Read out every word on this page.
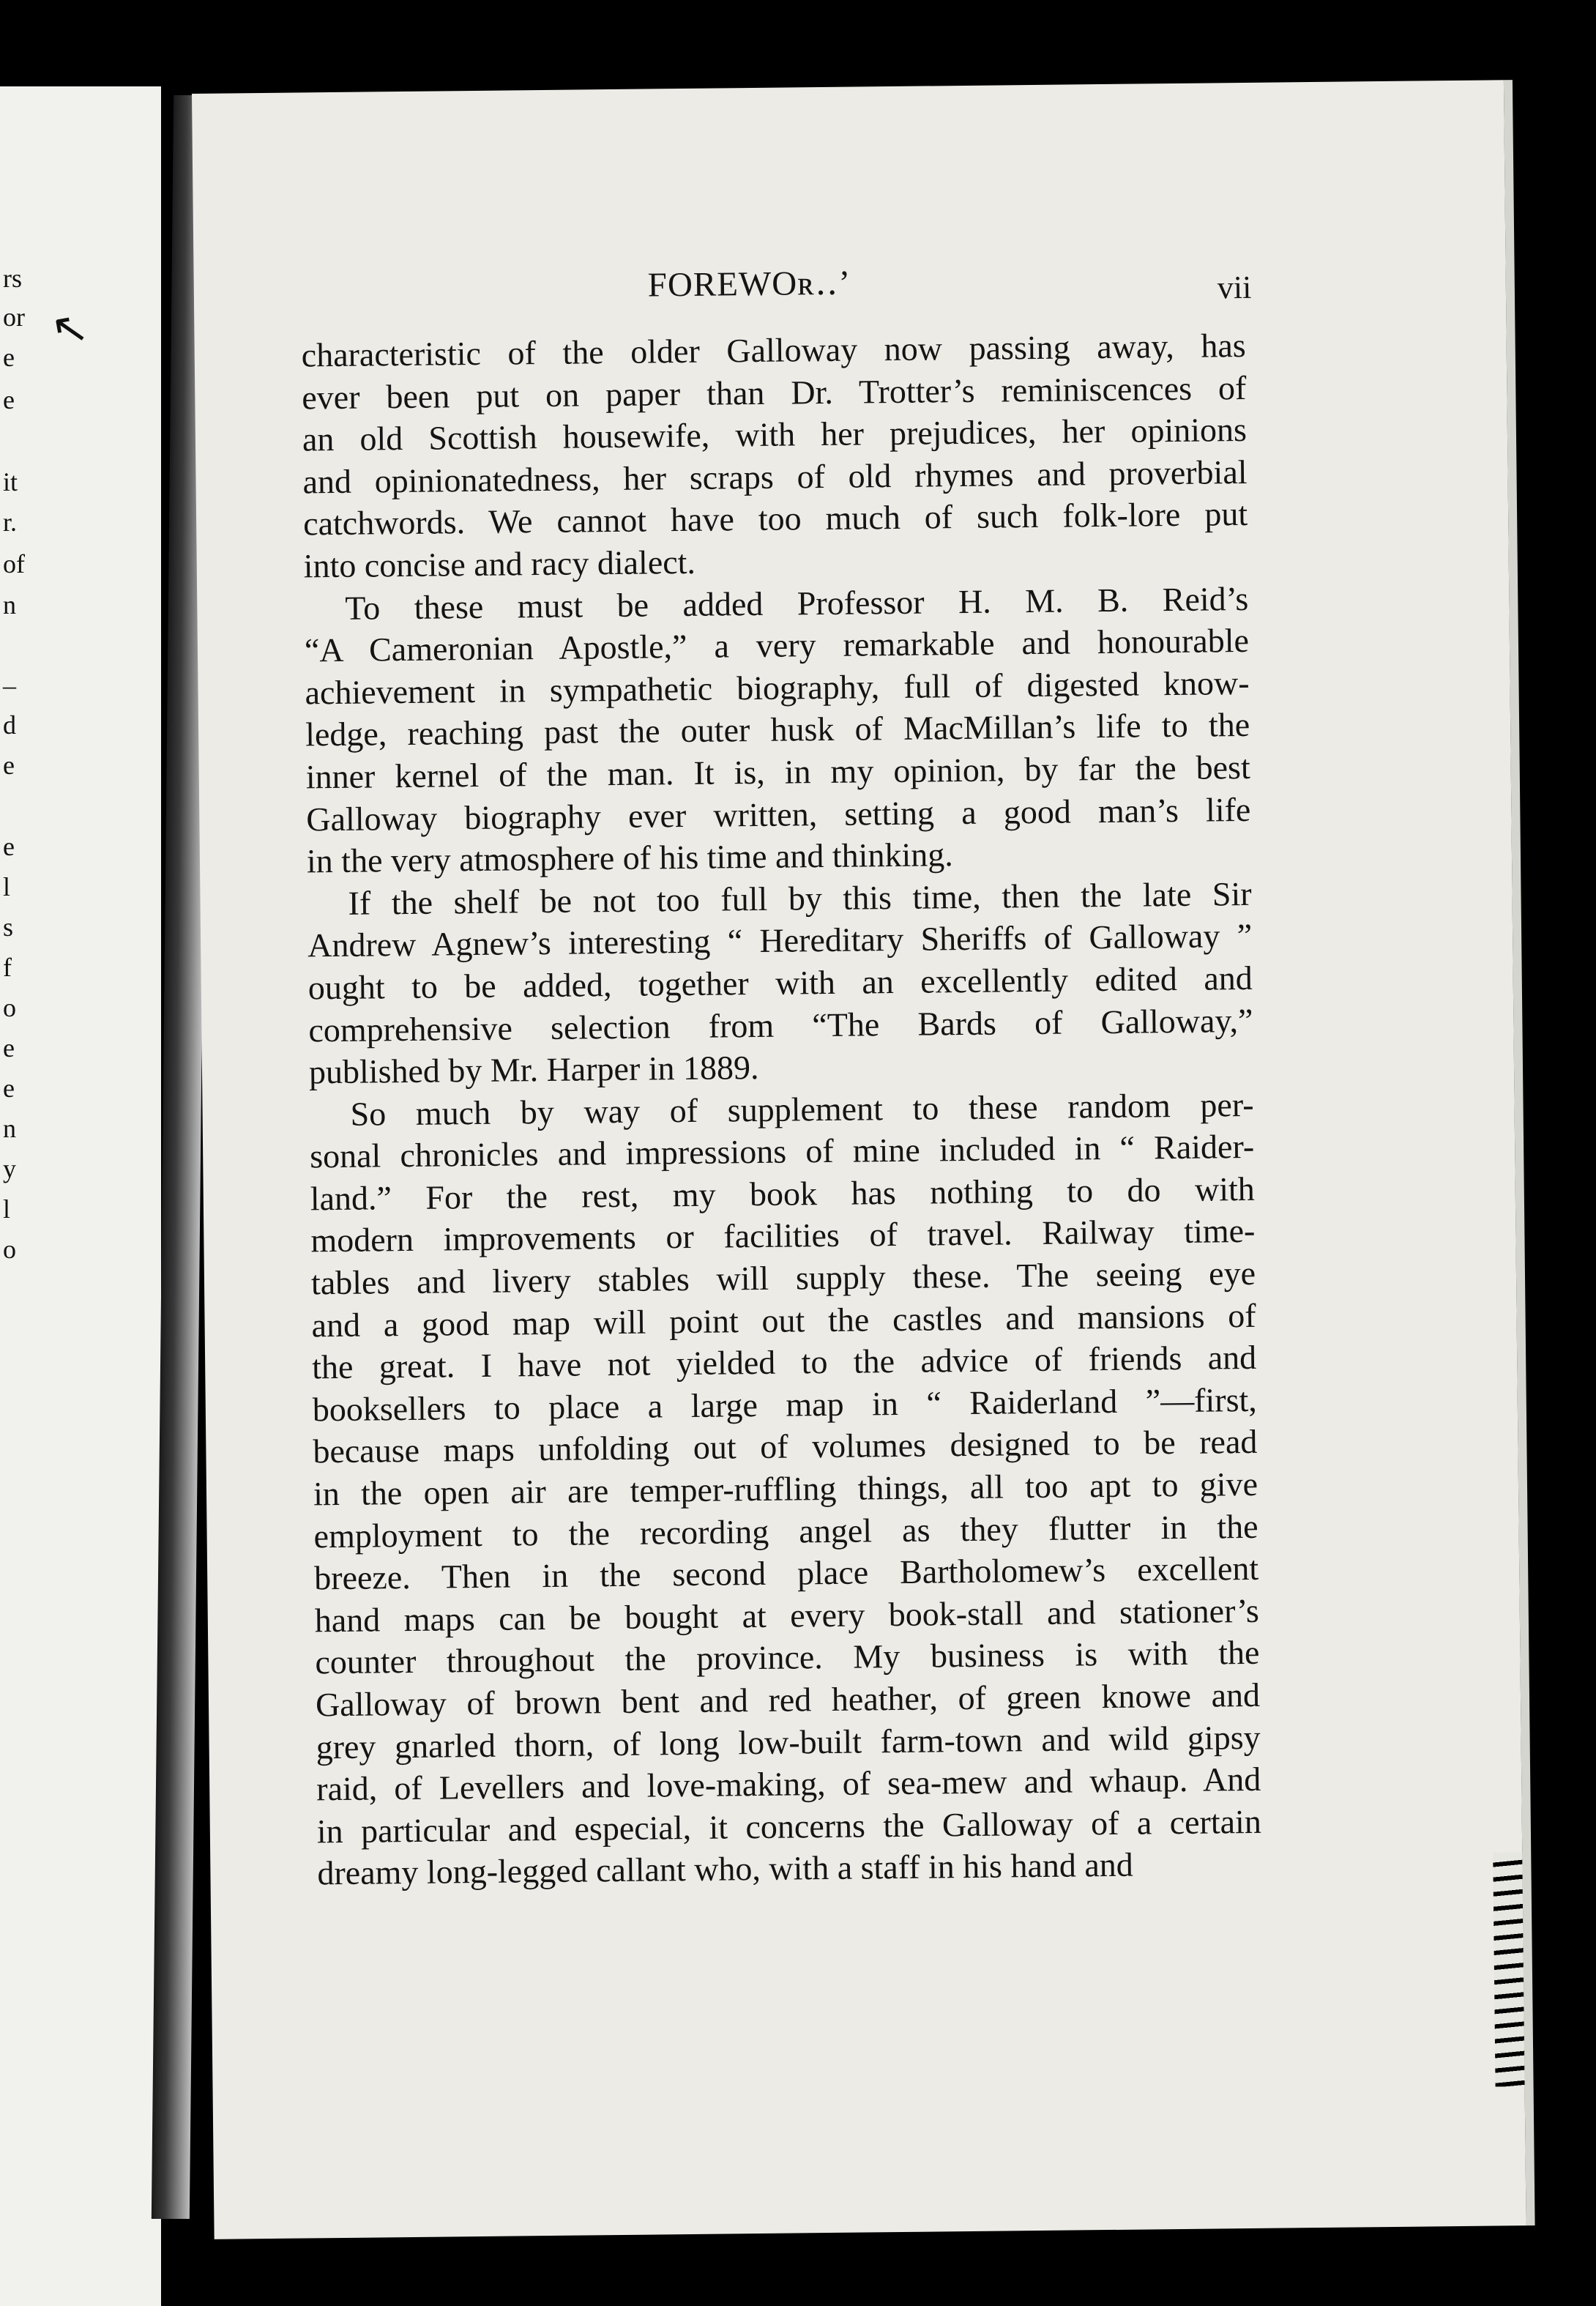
↖
rs
or
e
e
it
r.
of
n
–
d
e
e
l
s
f
o
e
e
n
y
l
o
FOREWOʀ‥ʼ	vii
characteristic of the older Galloway now passing away, has
ever been put on paper than Dr. Trotter’s reminiscences of
an old Scottish housewife, with her prejudices, her opinions
and opinionatedness, her scraps of old rhymes and proverbial
catchwords. We cannot have too much of such folk-lore put
into concise and racy dialect.
To these must be added Professor H. M. B. Reid’s
“A Cameronian Apostle,” a very remarkable and honourable
achievement in sympathetic biography, full of digested know-
ledge, reaching past the outer husk of MacMillan’s life to the
inner kernel of the man. It is, in my opinion, by far the best
Galloway biography ever written, setting a good man’s life
in the very atmosphere of his time and thinking.
If the shelf be not too full by this time, then the late Sir
Andrew Agnew’s interesting “ Hereditary Sheriffs of Galloway ”
ought to be added, together with an excellently edited and
comprehensive selection from “The Bards of Galloway,”
published by Mr. Harper in 1889.
So much by way of supplement to these random per-
sonal chronicles and impressions of mine included in “ Raider-
land.” For the rest, my book has nothing to do with
modern improvements or facilities of travel. Railway time-
tables and livery stables will supply these. The seeing eye
and a good map will point out the castles and mansions of
the great. I have not yielded to the advice of friends and
booksellers to place a large map in “ Raiderland ”—first,
because maps unfolding out of volumes designed to be read
in the open air are temper-ruffling things, all too apt to give
employment to the recording angel as they flutter in the
breeze. Then in the second place Bartholomew’s excellent
hand maps can be bought at every book-stall and stationer’s
counter throughout the province. My business is with the
Galloway of brown bent and red heather, of green knowe and
grey gnarled thorn, of long low-built farm-town and wild gipsy
raid, of Levellers and love-making, of sea-mew and whaup. And
in particular and especial, it concerns the Galloway of a certain
dreamy long-legged callant who, with a staff in his hand and
